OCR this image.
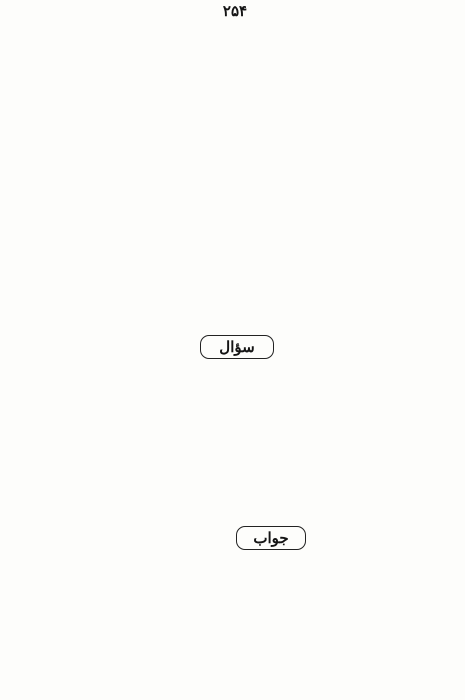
۲۵۴
سؤال
جواب
